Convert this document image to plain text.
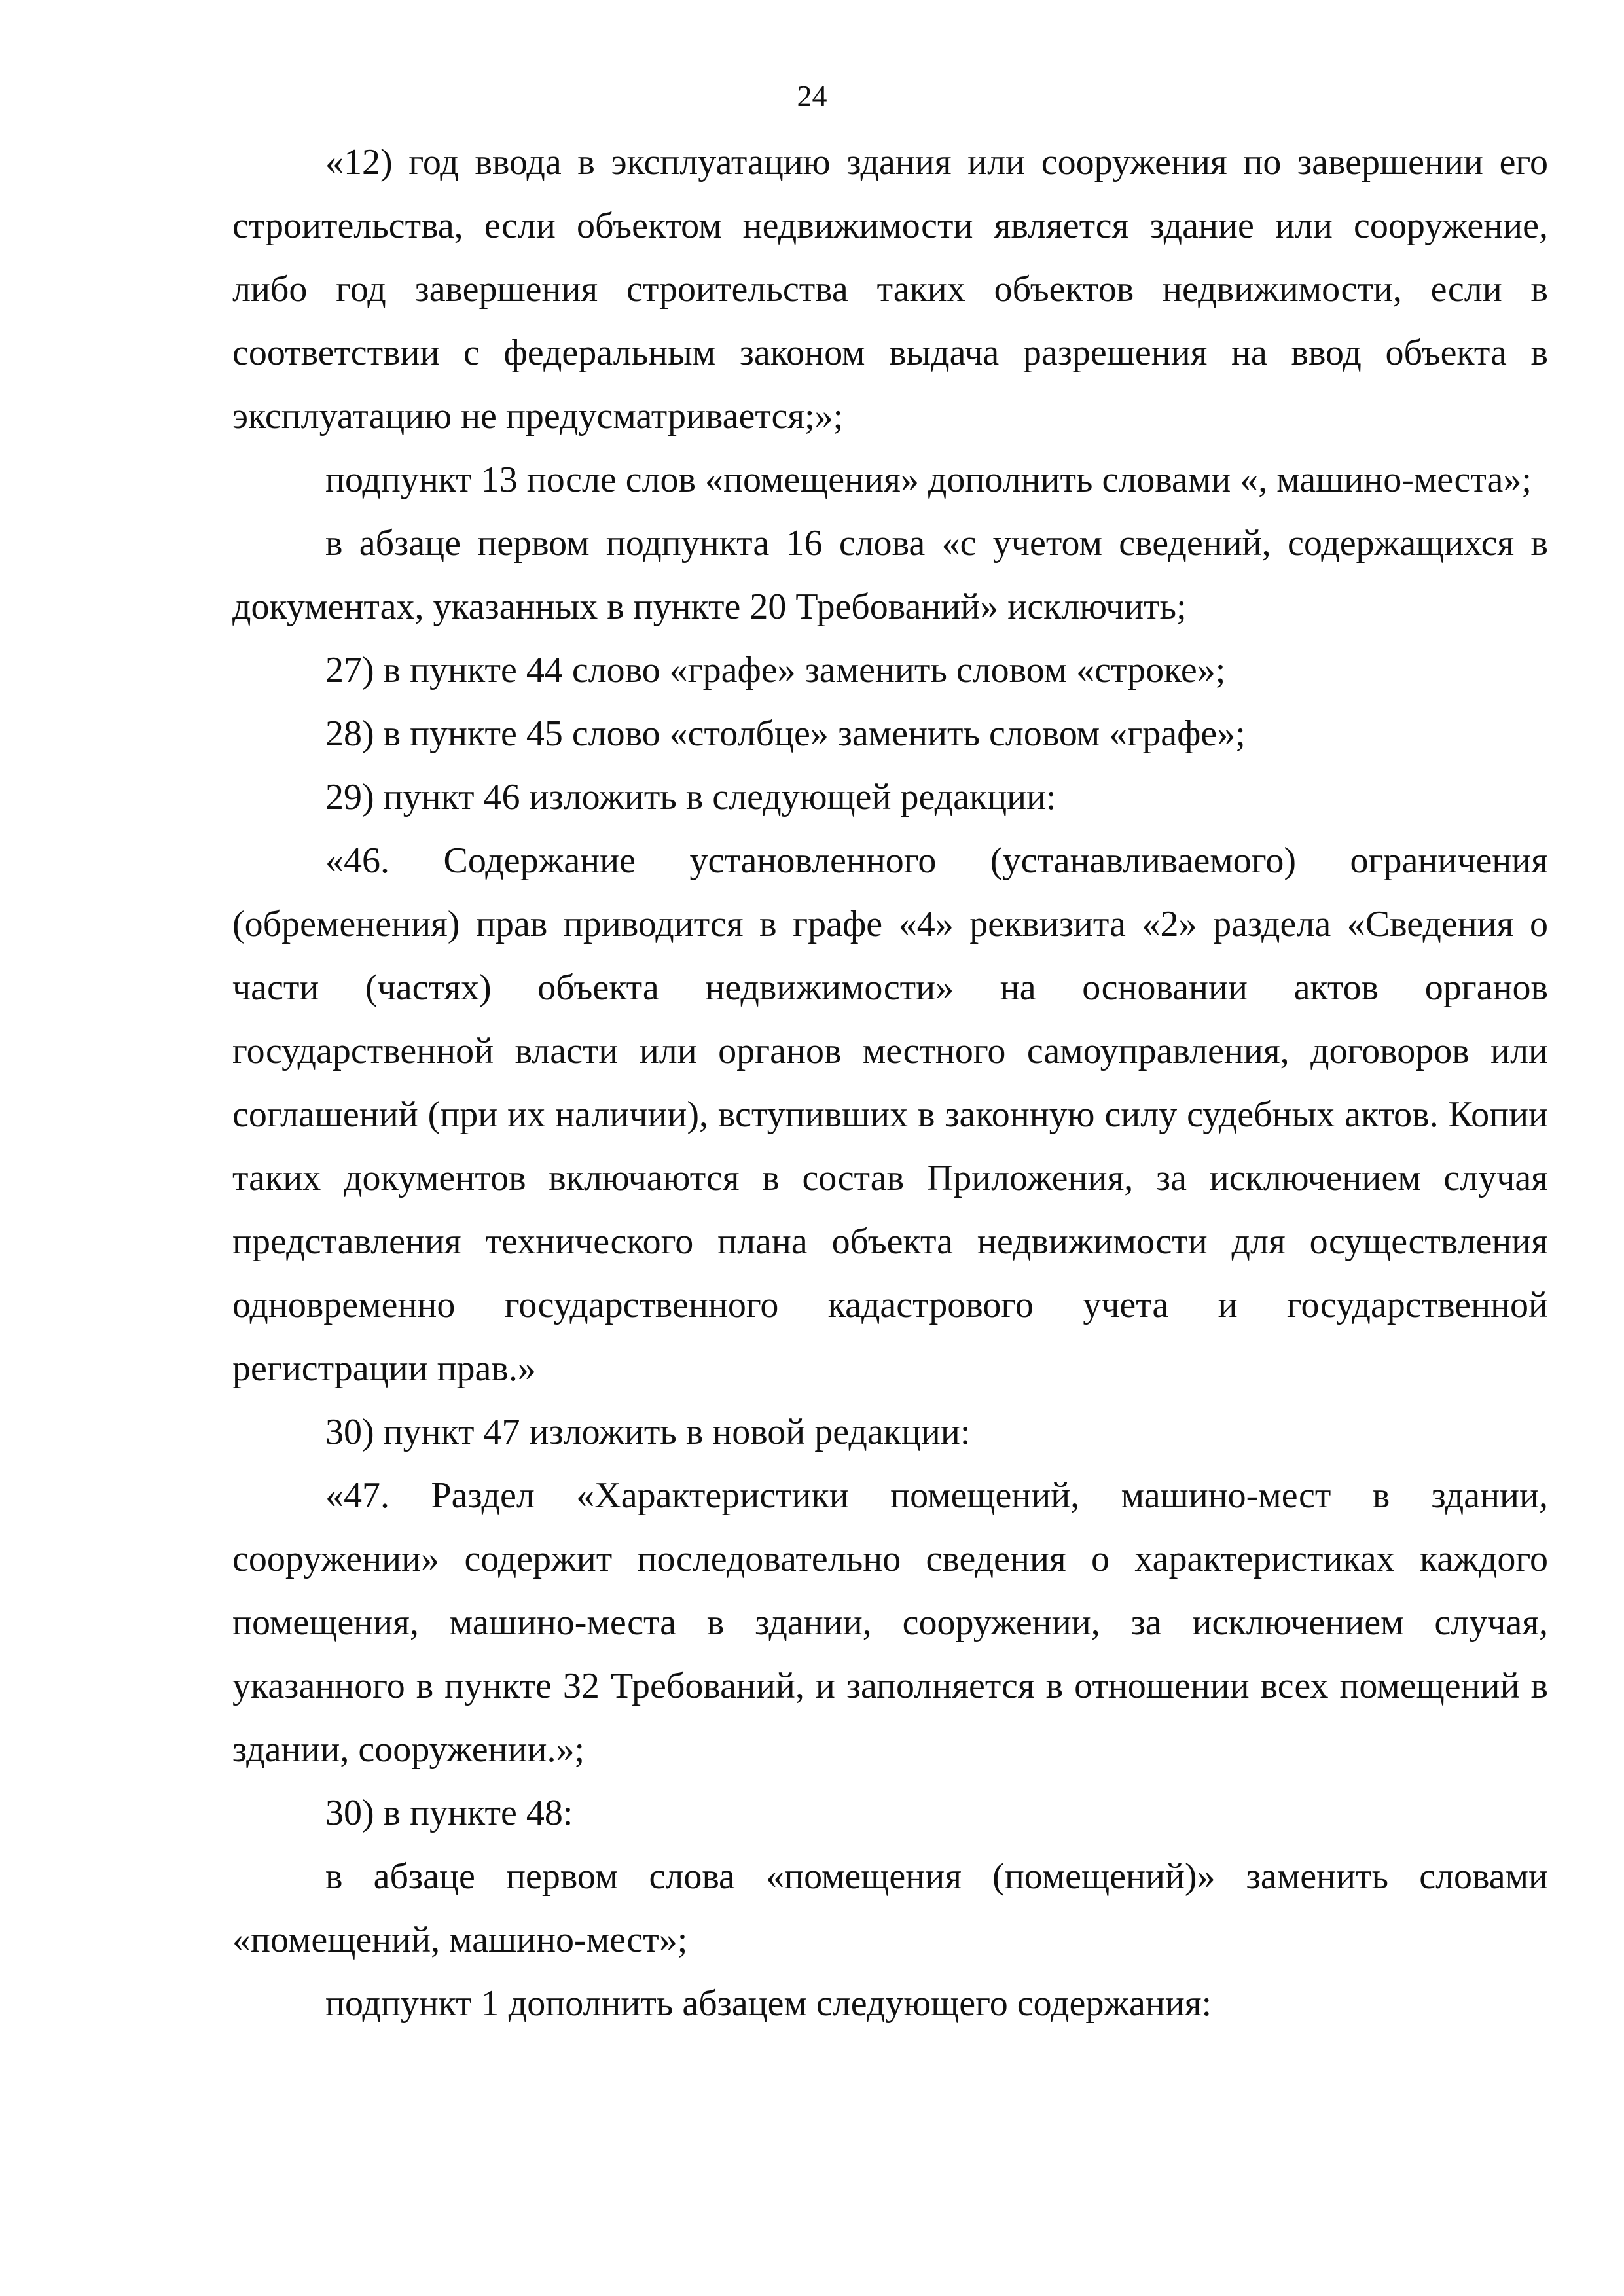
24

«12) год ввода в эксплуатацию здания или сооружения по завершении его строительства, если объектом недвижимости является здание или сооружение, либо год завершения строительства таких объектов недвижимости, если в соответствии с федеральным законом выдача разрешения на ввод объекта в эксплуатацию не предусматривается;»;

подпункт 13 после слов «помещения» дополнить словами «, машино-места»;

в абзаце первом подпункта 16 слова «с учетом сведений, содержащихся в документах, указанных в пункте 20 Требований» исключить;

27) в пункте 44 слово «графе» заменить словом «строке»;

28) в пункте 45 слово «столбце» заменить словом «графе»;

29) пункт 46 изложить в следующей редакции:

«46. Содержание установленного (устанавливаемого) ограничения (обременения) прав приводится в графе «4» реквизита «2» раздела «Сведения о части (частях) объекта недвижимости» на основании актов органов государственной власти или органов местного самоуправления, договоров или соглашений (при их наличии), вступивших в законную силу судебных актов. Копии таких документов включаются в состав Приложения, за исключением случая представления технического плана объекта недвижимости для осуществления одновременно государственного кадастрового учета и государственной регистрации прав.»

30) пункт 47 изложить в новой редакции:

«47. Раздел «Характеристики помещений, машино-мест в здании, сооружении» содержит последовательно сведения о характеристиках каждого помещения, машино-места в здании, сооружении, за исключением случая, указанного в пункте 32 Требований, и заполняется в отношении всех помещений в здании, сооружении.»;

30) в пункте 48:

в абзаце первом слова «помещения (помещений)» заменить словами «помещений, машино-мест»;

подпункт 1 дополнить абзацем следующего содержания:
